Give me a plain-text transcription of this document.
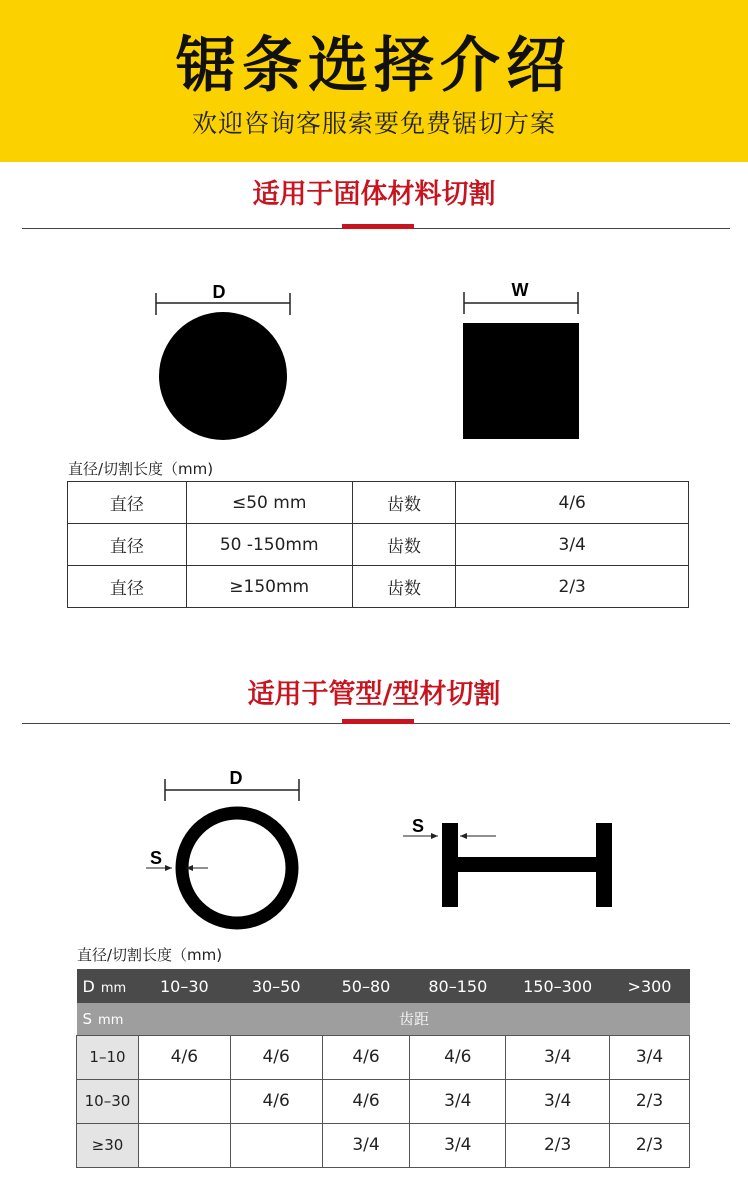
锯条选择介绍
欢迎咨询客服索要免费锯切方案
适用于固体材料切割
D	W
直径/切割长度（mm)
直径	≤50 mm	齿数	4/6
直径	50 -150mm	齿数	3/4
直径	≥150mm	齿数	2/3
适用于管型/型材切割
D
S
S
直径/切割长度（mm)
D mm	10–30	30–50	50–80	80–150	150–300	>300
S mm	齿距					
1–10	4/6	4/6	4/6	4/6	3/4	3/4
10–30		4/6	4/6	3/4	3/4	2/3
≥30			3/4	3/4	2/3	2/3
